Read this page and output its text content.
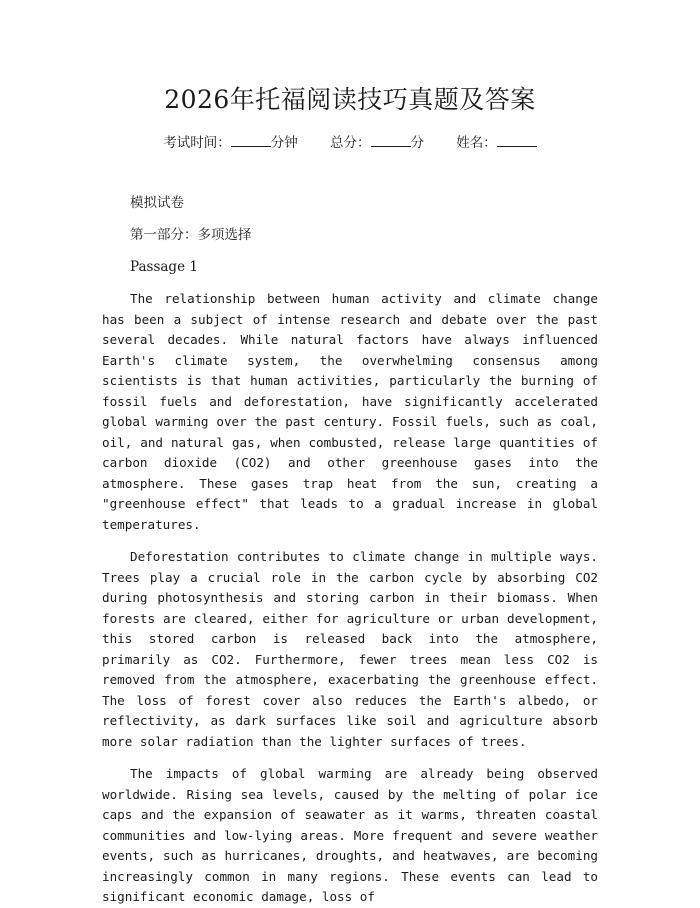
2026年托福阅读技巧真题及答案
考试时间：	分钟 总分：	分 姓名：

模拟试卷

第一部分：多项选择

Passage 1

The relationship between human activity and climate change has been a subject of intense research and debate over the past several decades. While natural factors have always influenced Earth's climate system, the overwhelming consensus among scientists is that human activities, particularly the burning of fossil fuels and deforestation, have significantly accelerated global warming over the past century. Fossil fuels, such as coal, oil, and natural gas, when combusted, release large quantities of carbon dioxide (CO2) and other greenhouse gases into the atmosphere. These gases trap heat from the sun, creating a "greenhouse effect" that leads to a gradual increase in global temperatures.

Deforestation contributes to climate change in multiple ways. Trees play a crucial role in the carbon cycle by absorbing CO2 during photosynthesis and storing carbon in their biomass. When forests are cleared, either for agriculture or urban development, this stored carbon is released back into the atmosphere, primarily as CO2. Furthermore, fewer trees mean less CO2 is removed from the atmosphere, exacerbating the greenhouse effect. The loss of forest cover also reduces the Earth's albedo, or reflectivity, as dark surfaces like soil and agriculture absorb more solar radiation than the lighter surfaces of trees.

The impacts of global warming are already being observed worldwide. Rising sea levels, caused by the melting of polar ice caps and the expansion of seawater as it warms, threaten coastal communities and low-lying areas. More frequent and severe weather events, such as hurricanes, droughts, and heatwaves, are becoming increasingly common in many regions. These events can lead to significant economic damage, loss of
